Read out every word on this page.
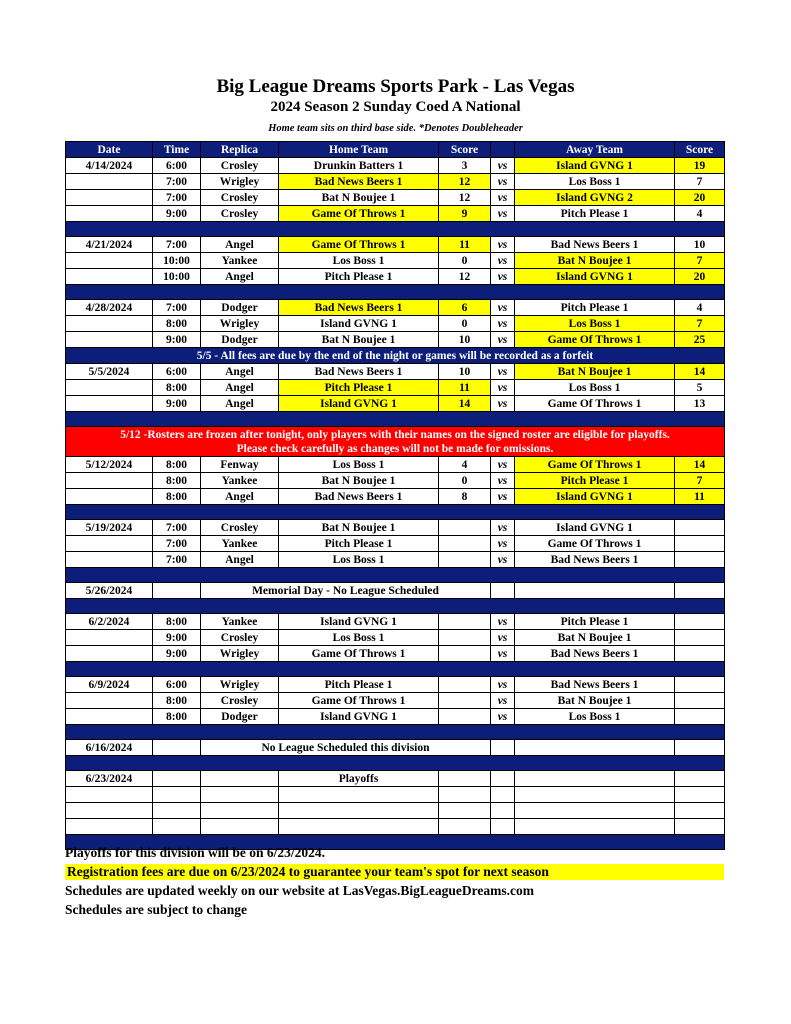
Big League Dreams Sports Park - Las Vegas
2024 Season 2 Sunday Coed A National
Home team sits on third base side. *Denotes Doubleheader
Date	Time	Replica	Home Team	Score		Away Team	Score
4/14/2024	6:00	Crosley	Drunkin Batters 1	3	vs	Island GVNG 1	19
	7:00	Wrigley	Bad News Beers 1	12	vs	Los Boss 1	7
	7:00	Crosley	Bat N Boujee 1	12	vs	Island GVNG 2	20
	9:00	Crosley	Game Of Throws 1	9	vs	Pitch Please 1	4

4/21/2024	7:00	Angel	Game Of Throws 1	11	vs	Bad News Beers 1	10
	10:00	Yankee	Los Boss 1	0	vs	Bat N Boujee 1	7
	10:00	Angel	Pitch Please 1	12	vs	Island GVNG 1	20

4/28/2024	7:00	Dodger	Bad News Beers 1	6	vs	Pitch Please 1	4
	8:00	Wrigley	Island GVNG 1	0	vs	Los Boss 1	7
	9:00	Dodger	Bat N Boujee 1	10	vs	Game Of Throws 1	25
5/5 - All fees are due by the end of the night or games will be recorded as a forfeit							
5/5/2024	6:00	Angel	Bad News Beers 1	10	vs	Bat N Boujee 1	14
	8:00	Angel	Pitch Please 1	11	vs	Los Boss 1	5
	9:00	Angel	Island GVNG 1	14	vs	Game Of Throws 1	13

5/12 -Rosters are frozen after tonight, only players with their names on the signed roster are eligible for playoffs.							
Please check carefully as changes will not be made for omissions.							
5/12/2024	8:00	Fenway	Los Boss 1	4	vs	Game Of Throws 1	14
	8:00	Yankee	Bat N Boujee 1	0	vs	Pitch Please 1	7
	8:00	Angel	Bad News Beers 1	8	vs	Island GVNG 1	11

5/19/2024	7:00	Crosley	Bat N Boujee 1		vs	Island GVNG 1	
	7:00	Yankee	Pitch Please 1		vs	Game Of Throws 1	
	7:00	Angel	Los Boss 1		vs	Bad News Beers 1	

5/26/2024		Memorial Day - No League Scheduled					

6/2/2024	8:00	Yankee	Island GVNG 1		vs	Pitch Please 1	
	9:00	Crosley	Los Boss 1		vs	Bat N Boujee 1	
	9:00	Wrigley	Game Of Throws 1		vs	Bad News Beers 1	

6/9/2024	6:00	Wrigley	Pitch Please 1		vs	Bad News Beers 1	
	8:00	Crosley	Game Of Throws 1		vs	Bat N Boujee 1	
	8:00	Dodger	Island GVNG 1		vs	Los Boss 1	

6/16/2024		No League Scheduled this division					

6/23/2024			Playoffs				

Playoffs for this division will be on 6/23/2024.
Registration fees are due on 6/23/2024 to guarantee your team's spot for next season
Schedules are updated weekly on our website at LasVegas.BigLeagueDreams.com
Schedules are subject to change
